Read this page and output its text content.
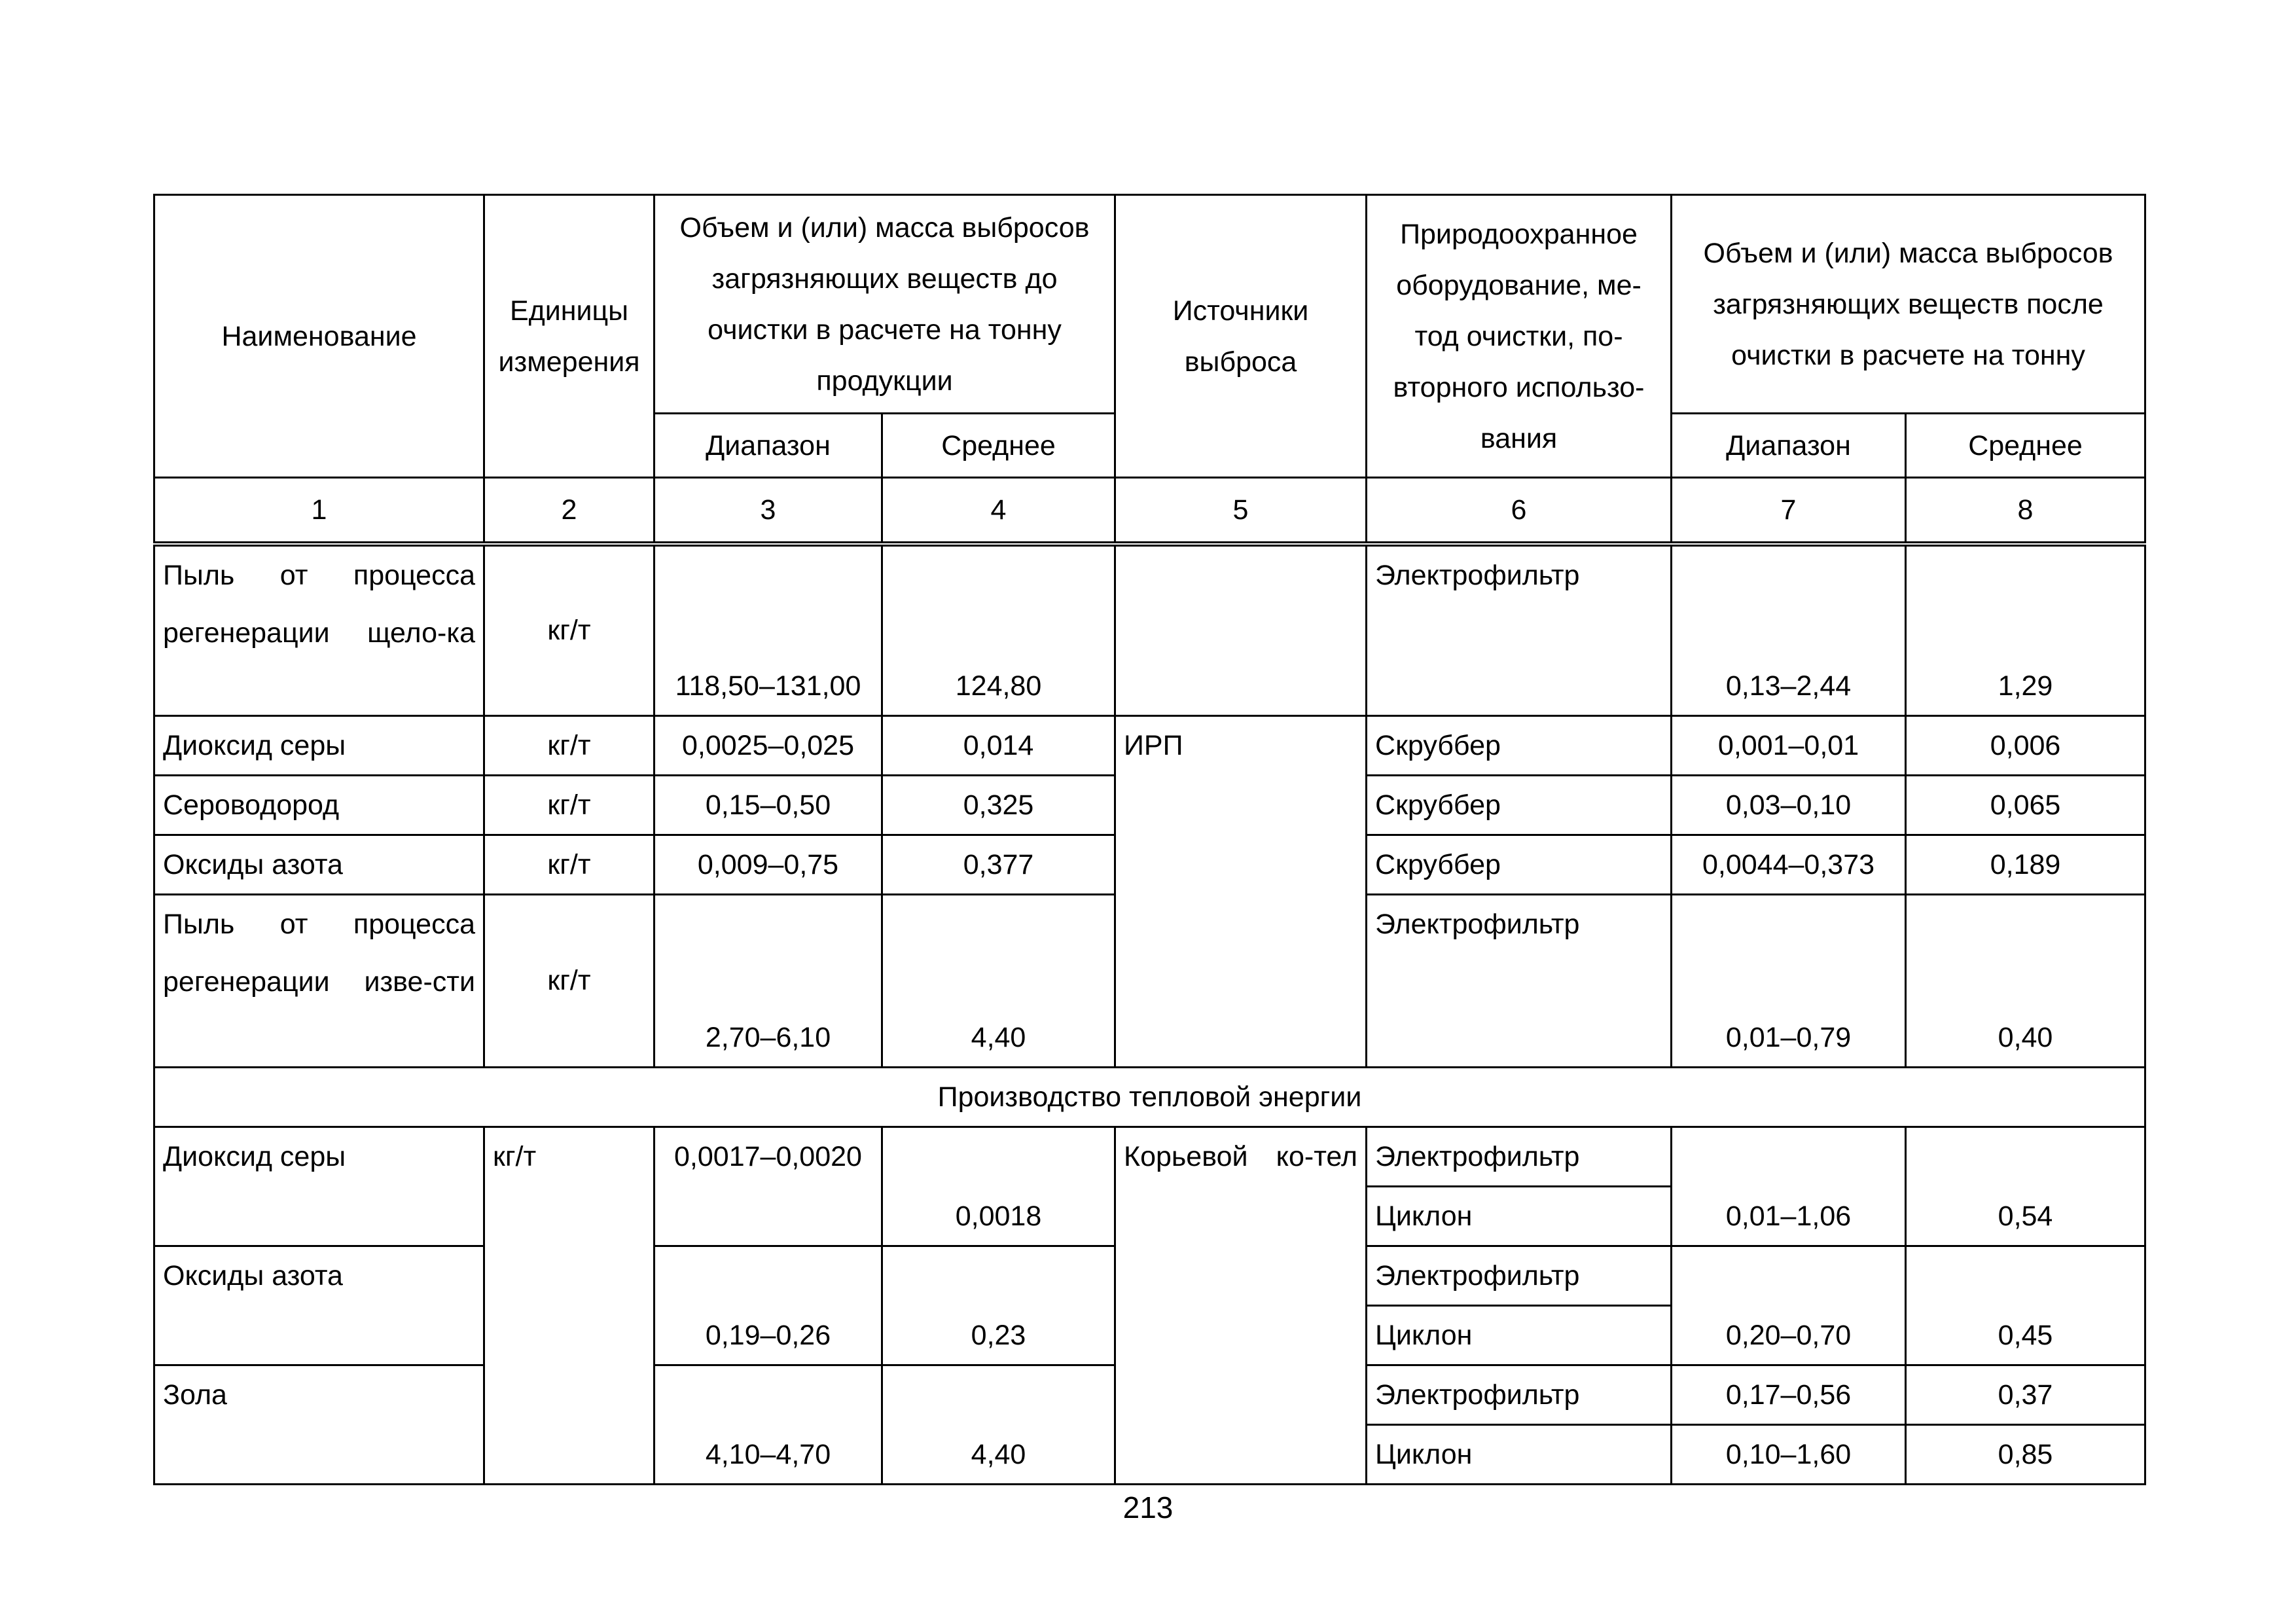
Наименование	Единицы измерения	Объем и (или) масса выбросов загрязняющих веществ до очистки в расчете на тонну продукции		Источники выброса	Природоохранное оборудование, ме-тод очистки, по-вторного использо-вания	Объем и (или) масса выбросов загрязняющих веществ после очистки в расчете на тонну	
		Диапазон	Среднее			Диапазон	Среднее
1	2	3	4	5	6	7	8

Пыль от процесса регенерации щело-ка	кг/т	118,50–131,00	124,80		Электрофильтр	0,13–2,44	1,29
Диоксид серы	кг/т	0,0025–0,025	0,014	ИРП	Скруббер	0,001–0,01	0,006
Сероводород	кг/т	0,15–0,50	0,325		Скруббер	0,03–0,10	0,065
Оксиды азота	кг/т	0,009–0,75	0,377		Скруббер	0,0044–0,373	0,189

Пыль от процесса регенерации изве-сти	кг/т	2,70–6,10	4,40		Электрофильтр	0,01–0,79	0,40
Производство тепловой энергии							
Диоксид серы	кг/т	0,0017–0,0020	0,0018	Корьевой ко-тел	Электрофильтр	0,01–1,06	0,54
					Циклон		
Оксиды азота		0,19–0,26	0,23		Электрофильтр	0,20–0,70	0,45
					Циклон		
Зола		4,10–4,70	4,40		Электрофильтр	0,17–0,56	0,37
					Циклон	0,10–1,60	0,85
213
